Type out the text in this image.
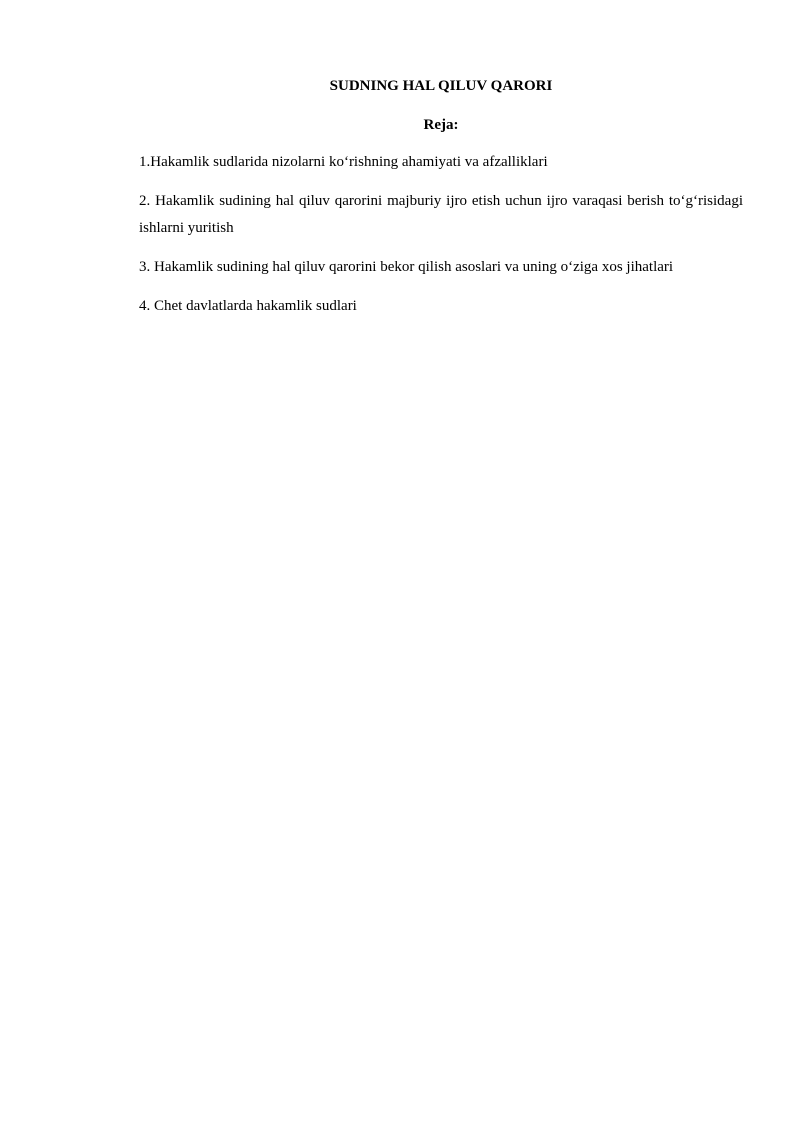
SUDNING HAL QILUV QARORI
Reja:

1.Hakamlik sudlarida nizolarni koʻrishning ahamiyati va afzalliklari

2. Hakamlik sudining hal qiluv qarorini majburiy ijro etish uchun ijro varaqasi berish toʻgʻrisidagi ishlarni yuritish

3. Hakamlik sudining hal qiluv qarorini bekor qilish asoslari va uning oʻziga xos jihatlari

4. Chet davlatlarda hakamlik sudlari
